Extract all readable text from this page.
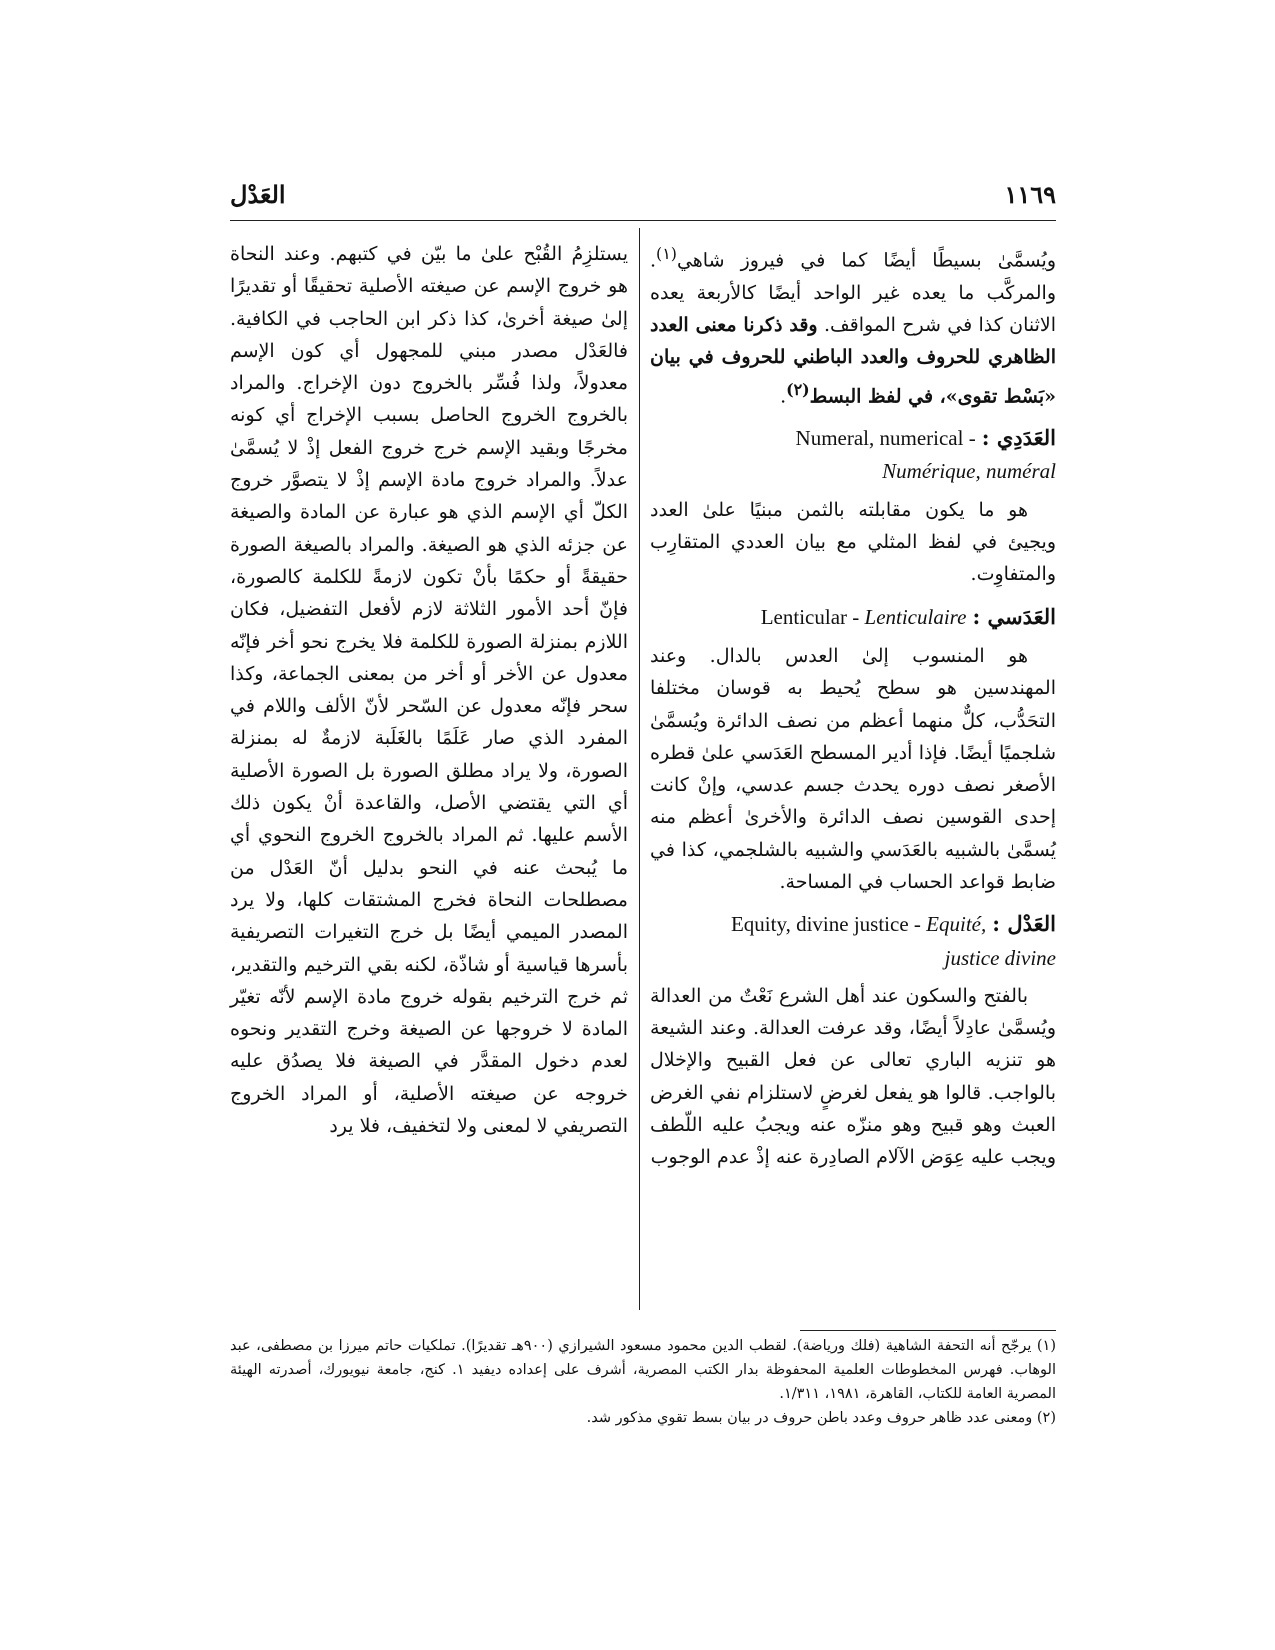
١١٦٩
العَدْل

ويُسمَّىٰ بسيطًا أيضًا كما في فيروز شاهي$^{(١)}$. والمركَّب ما يعده غير الواحد أيضًا كالأربعة يعده الاثنان كذا في شرح المواقف. وقد ذكرنا معنى العدد الظاهري للحروف والعدد الباطني للحروف في بيان «بَسْط تقوى»، في لفظ البسط$^{(٢)}$.

العَدَدِي : Numeral, numerical -
Numérique, numéral

هو ما يكون مقابلته بالثمن مبنيًا علىٰ العدد ويجيئ في لفظ المثلي مع بيان العددي المتقارِب والمتفاوِت.

العَدَسي : Lenticular - Lenticulaire

هو المنسوب إلىٰ العدس بالدال. وعند المهندسين هو سطح يُحيط به قوسان مختلفا التحَدُّب، كلٌّ منهما أعظم من نصف الدائرة ويُسمَّىٰ شلجميًا أيضًا. فإذا أدير المسطح العَدَسي علىٰ قطره الأصغر نصف دوره يحدث جسم عدسي، وإنْ كانت إحدى القوسين نصف الدائرة والأخرىٰ أعظم منه يُسمَّىٰ بالشبيه بالعَدَسي والشبيه بالشلجمي، كذا في ضابط قواعد الحساب في المساحة.

العَدْل : Equity, divine justice - Equité,
justice divine

بالفتح والسكون عند أهل الشرع نَعْتٌ من العدالة ويُسمَّىٰ عادِلاً أيضًا، وقد عرفت العدالة. وعند الشيعة هو تنزيه الباري تعالى عن فعل القبيح والإخلال بالواجب. قالوا هو يفعل لغرضٍ لاستلزام نفي الغرض العبث وهو قبيح وهو منزّه عنه ويجبُ عليه اللّطف ويجب عليه عِوَض الآلام الصادِرة عنه إذْ عدم الوجوب

يستلزِمُ القُبْح علىٰ ما بيّن في كتبهم. وعند النحاة هو خروج الإسم عن صيغته الأصلية تحقيقًا أو تقديرًا إلىٰ صيغة أخرىٰ، كذا ذكر ابن الحاجب في الكافية. فالعَدْل مصدر مبني للمجهول أي كون الإسم معدولاً، ولذا فُسِّر بالخروج دون الإخراج. والمراد بالخروج الخروج الحاصل بسبب الإخراج أي كونه مخرجًا وبقيد الإسم خرج خروج الفعل إذْ لا يُسمَّىٰ عدلاً. والمراد خروج مادة الإسم إذْ لا يتصوَّر خروج الكلّ أي الإسم الذي هو عبارة عن المادة والصيغة عن جزئه الذي هو الصيغة. والمراد بالصيغة الصورة حقيقةً أو حكمًا بأنْ تكون لازمةً للكلمة كالصورة، فإنّ أحد الأمور الثلاثة لازم لأفعل التفضيل، فكان اللازم بمنزلة الصورة للكلمة فلا يخرج نحو أخر فإنّه معدول عن الأخر أو أخر من بمعنى الجماعة، وكذا سحر فإنّه معدول عن السّحر لأنّ الألف واللام في المفرد الذي صار عَلَمًا بالغَلَبة لازمةٌ له بمنزلة الصورة، ولا يراد مطلق الصورة بل الصورة الأصلية أي التي يقتضي الأصل، والقاعدة أنْ يكون ذلك الأسم عليها. ثم المراد بالخروج الخروج النحوي أي ما يُبحث عنه في النحو بدليل أنّ العَدْل من مصطلحات النحاة فخرج المشتقات كلها، ولا يرد المصدر الميمي أيضًا بل خرج التغيرات التصريفية بأسرها قياسية أو شاذّة، لكنه بقي الترخيم والتقدير، ثم خرج الترخيم بقوله خروج مادة الإسم لأنّه تغيّر المادة لا خروجها عن الصيغة وخرج التقدير ونحوه لعدم دخول المقدَّر في الصيغة فلا يصدُق عليه خروجه عن صيغته الأصلية، أو المراد الخروج التصريفي لا لمعنى ولا لتخفيف، فلا يرد

(١) يرجّح أنه التحفة الشاهية (فلك ورياضة). لقطب الدين محمود مسعود الشيرازي (٩٠٠هـ تقديرًا). تملكيات حاتم ميرزا بن مصطفى، عبد الوهاب. فهرس المخطوطات العلمية المحفوظة بدار الكتب المصرية، أشرف على إعداده ديفيد ١. كنج، جامعة نيويورك، أصدرته الهيئة المصرية العامة للكتاب، القاهرة، ١٩٨١، ١/٣١١.

(٢) ومعنى عدد ظاهر حروف وعدد باطن حروف در بيان بسط تقوي مذكور شد.
